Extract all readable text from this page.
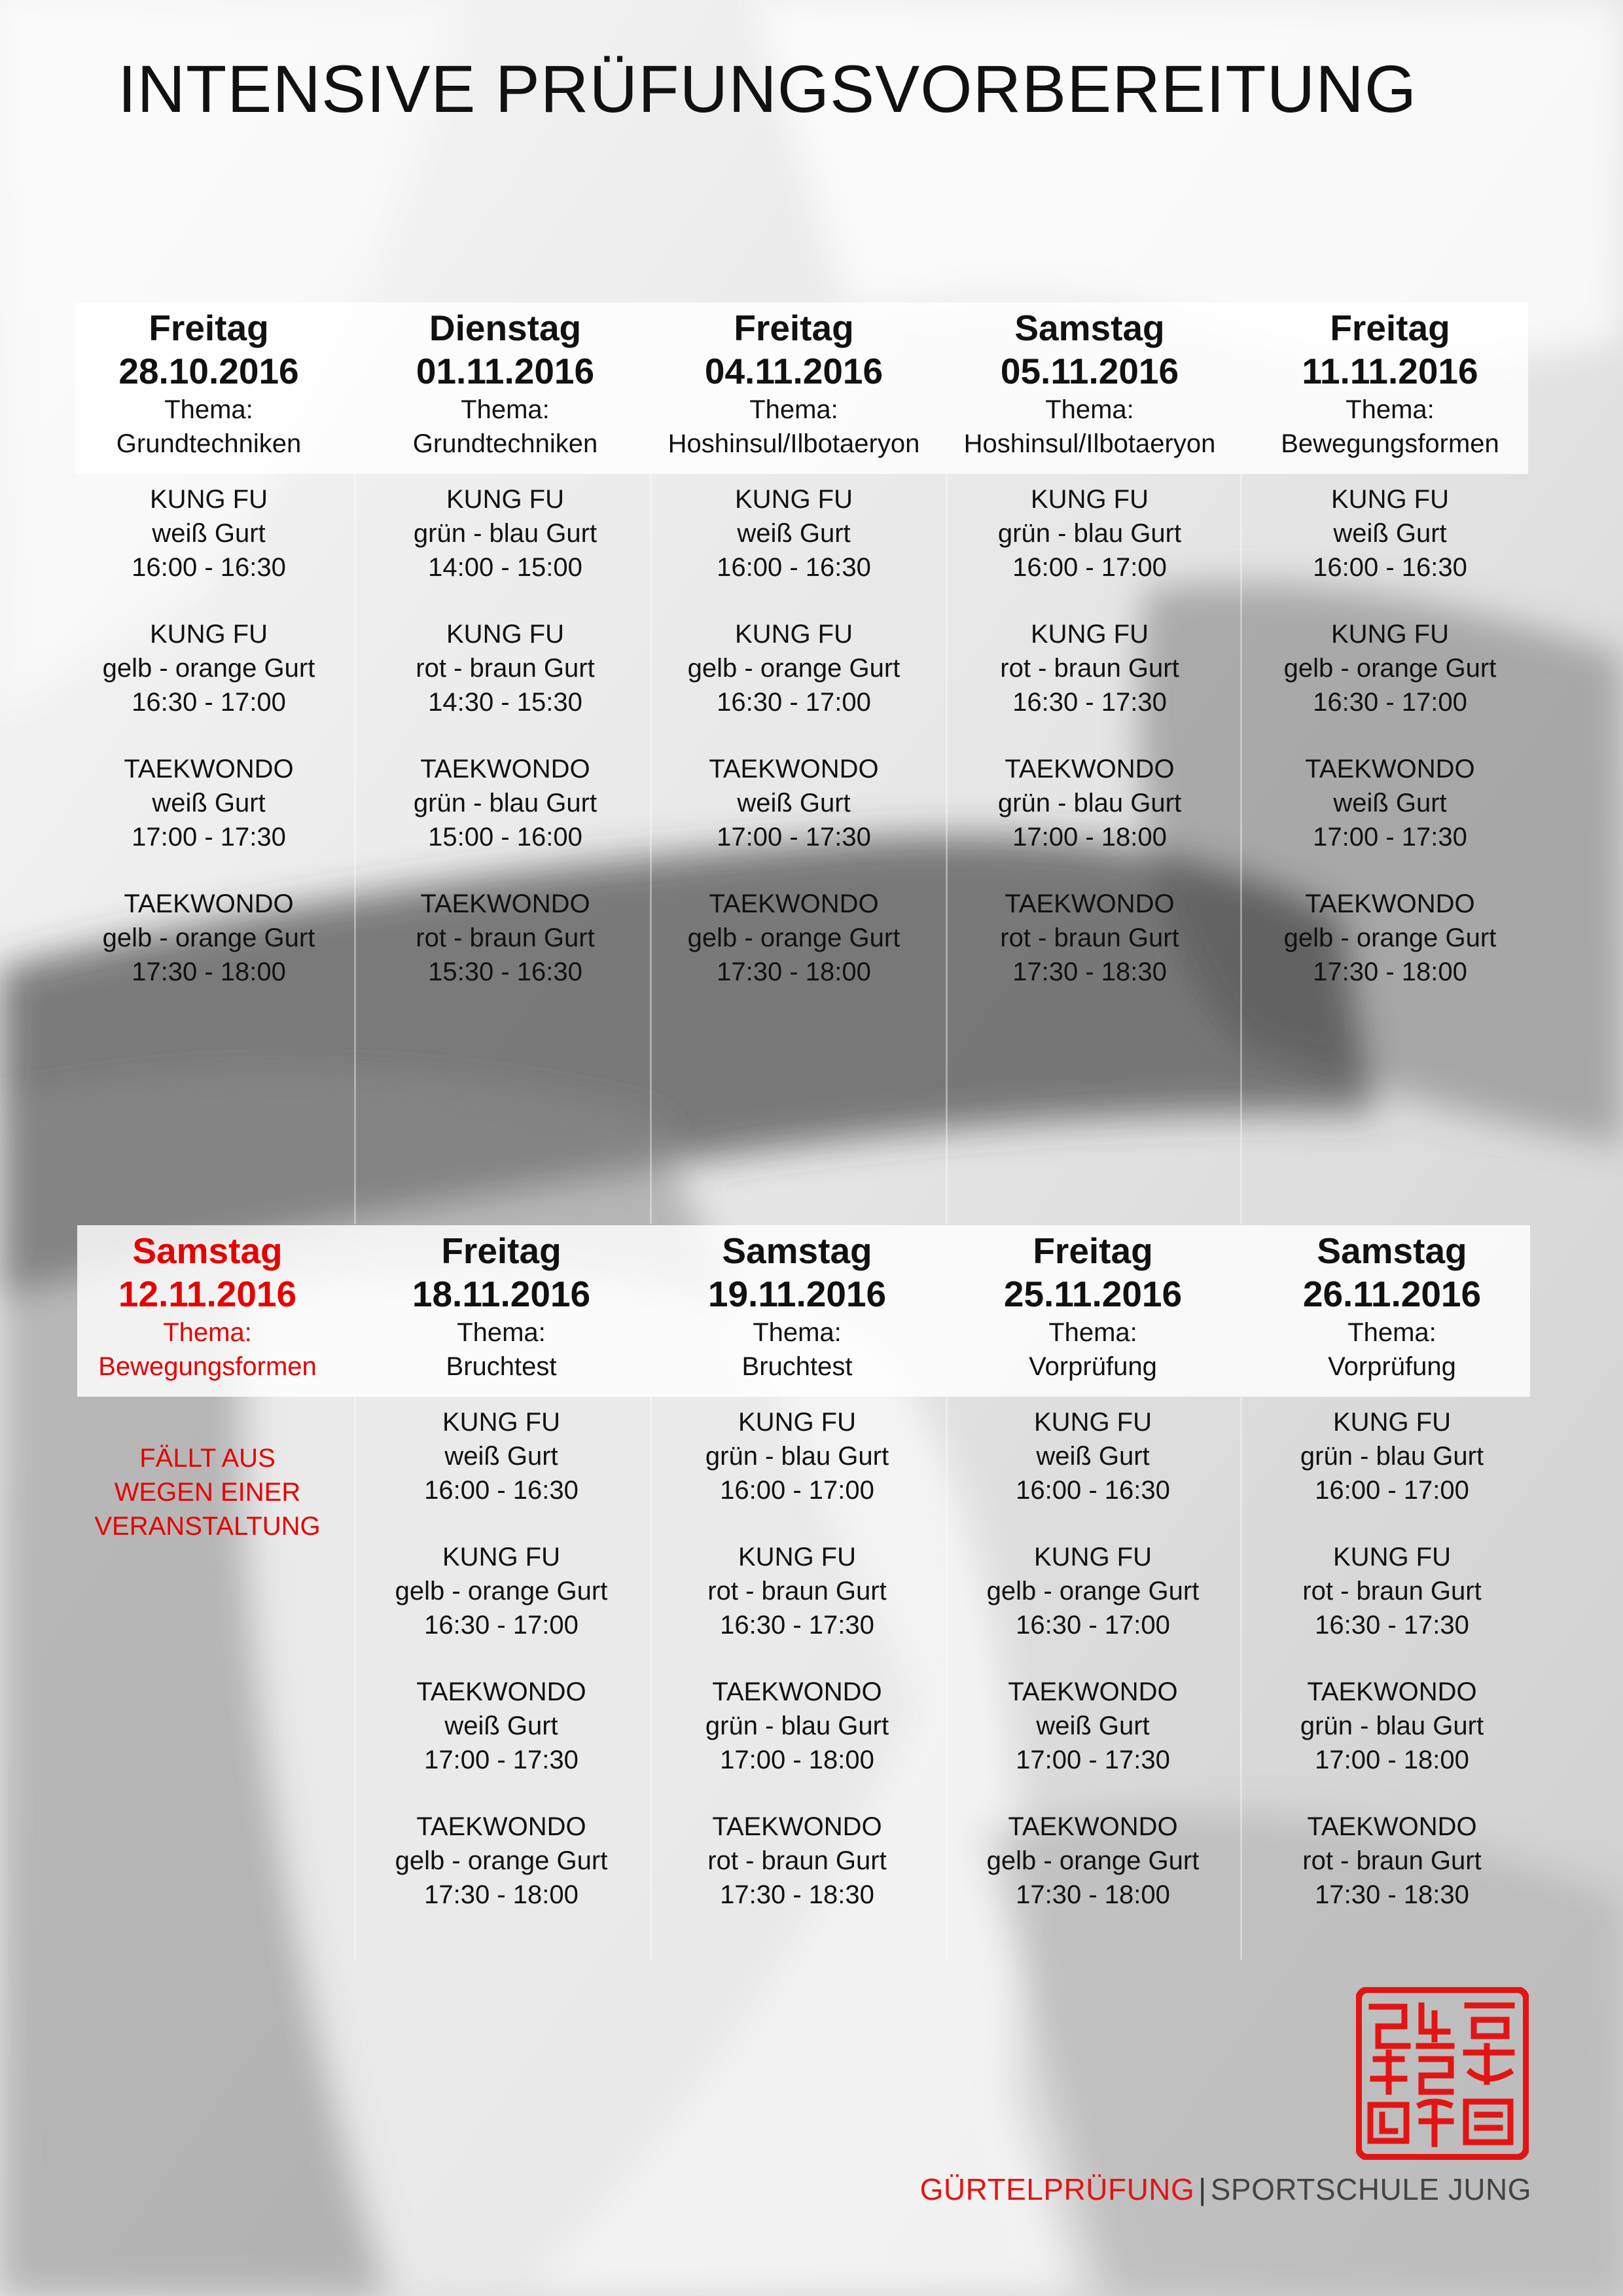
INTENSIVE PRÜFUNGSVORBEREITUNG
Freitag
28.10.2016
Thema:
Grundtechniken
KUNG FU
weiß Gurt
16:00 - 16:30
KUNG FU
gelb - orange Gurt
16:30 - 17:00
TAEKWONDO
weiß Gurt
17:00 - 17:30
TAEKWONDO
gelb - orange Gurt
17:30 - 18:00
Dienstag
01.11.2016
Thema:
Grundtechniken
KUNG FU
grün - blau Gurt
14:00 - 15:00
KUNG FU
rot - braun Gurt
14:30 - 15:30
TAEKWONDO
grün - blau Gurt
15:00 - 16:00
TAEKWONDO
rot - braun Gurt
15:30 - 16:30
Freitag
04.11.2016
Thema:
Hoshinsul/Ilbotaeryon
KUNG FU
weiß Gurt
16:00 - 16:30
KUNG FU
gelb - orange Gurt
16:30 - 17:00
TAEKWONDO
weiß Gurt
17:00 - 17:30
TAEKWONDO
gelb - orange Gurt
17:30 - 18:00
Samstag
05.11.2016
Thema:
Hoshinsul/Ilbotaeryon
KUNG FU
grün - blau Gurt
16:00 - 17:00
KUNG FU
rot - braun Gurt
16:30 - 17:30
TAEKWONDO
grün - blau Gurt
17:00 - 18:00
TAEKWONDO
rot - braun Gurt
17:30 - 18:30
Freitag
11.11.2016
Thema:
Bewegungsformen
KUNG FU
weiß Gurt
16:00 - 16:30
KUNG FU
gelb - orange Gurt
16:30 - 17:00
TAEKWONDO
weiß Gurt
17:00 - 17:30
TAEKWONDO
gelb - orange Gurt
17:30 - 18:00
Samstag
12.11.2016
Thema:
Bewegungsformen
FÄLLT AUS
WEGEN EINER
VERANSTALTUNG
Freitag
18.11.2016
Thema:
Bruchtest
KUNG FU
weiß Gurt
16:00 - 16:30
KUNG FU
gelb - orange Gurt
16:30 - 17:00
TAEKWONDO
weiß Gurt
17:00 - 17:30
TAEKWONDO
gelb - orange Gurt
17:30 - 18:00
Samstag
19.11.2016
Thema:
Bruchtest
KUNG FU
grün - blau Gurt
16:00 - 17:00
KUNG FU
rot - braun Gurt
16:30 - 17:30
TAEKWONDO
grün - blau Gurt
17:00 - 18:00
TAEKWONDO
rot - braun Gurt
17:30 - 18:30
Freitag
25.11.2016
Thema:
Vorprüfung
KUNG FU
weiß Gurt
16:00 - 16:30
KUNG FU
gelb - orange Gurt
16:30 - 17:00
TAEKWONDO
weiß Gurt
17:00 - 17:30
TAEKWONDO
gelb - orange Gurt
17:30 - 18:00
Samstag
26.11.2016
Thema:
Vorprüfung
KUNG FU
grün - blau Gurt
16:00 - 17:00
KUNG FU
rot - braun Gurt
16:30 - 17:30
TAEKWONDO
grün - blau Gurt
17:00 - 18:00
TAEKWONDO
rot - braun Gurt
17:30 - 18:30
GÜRTELPRÜFUNG | SPORTSCHULE JUNG
